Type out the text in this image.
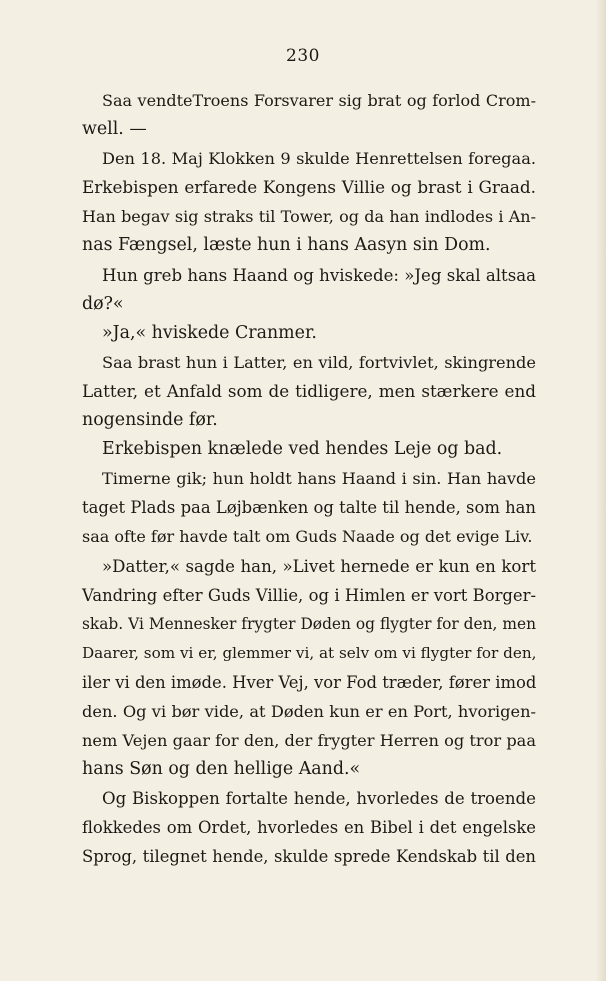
230
Saa vendteTroens Forsvarer sig brat og forlod Crom-
well. —
Den 18. Maj Klokken 9 skulde Henrettelsen foregaa.
Erkebispen erfarede Kongens Villie og brast i Graad.
Han begav sig straks til Tower, og da han indlodes i An-
nas Fængsel, læste hun i hans Aasyn sin Dom.
Hun greb hans Haand og hviskede: »Jeg skal altsaa
dø?«
»Ja,« hviskede Cranmer.
Saa brast hun i Latter, en vild, fortvivlet, skingrende
Latter, et Anfald som de tidligere, men stærkere end
nogensinde før.
Erkebispen knælede ved hendes Leje og bad.
Timerne gik; hun holdt hans Haand i sin. Han havde
taget Plads paa Løjbænken og talte til hende, som han
saa ofte før havde talt om Guds Naade og det evige Liv.
»Datter,« sagde han, »Livet hernede er kun en kort
Vandring efter Guds Villie, og i Himlen er vort Borger-
skab. Vi Mennesker frygter Døden og flygter for den, men
Daarer, som vi er, glemmer vi, at selv om vi flygter for den,
iler vi den imøde. Hver Vej, vor Fod træder, fører imod
den. Og vi bør vide, at Døden kun er en Port, hvorigen-
nem Vejen gaar for den, der frygter Herren og tror paa
hans Søn og den hellige Aand.«
Og Biskoppen fortalte hende, hvorledes de troende
flokkedes om Ordet, hvorledes en Bibel i det engelske
Sprog, tilegnet hende, skulde sprede Kendskab til den
